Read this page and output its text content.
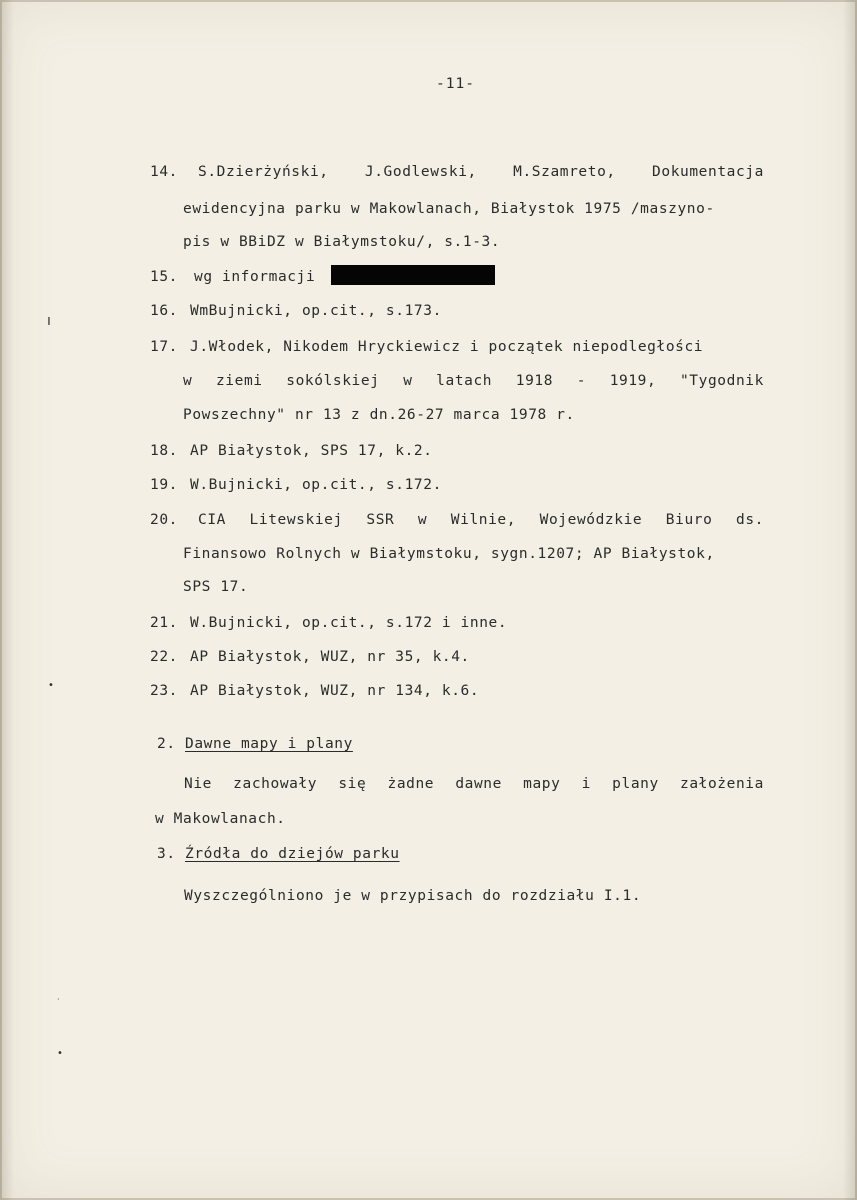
-11-
14. S.Dzierżyński,	J.Godlewski,	M.Szamreto,	Dokumentacja
ewidencyjna parku w Makowlanach, Białystok 1975 /maszyno-
pis w BBiDZ w Białymstoku/, s.1-3.
15. wg informacji
16. WmBujnicki, op.cit., s.173.
17. J.Włodek, Nikodem Hryckiewicz i początek niepodległości
w ziemi sokólskiej w latach 1918 - 1919, "Tygodnik
Powszechny" nr 13 z dn.26-27 marca 1978 r.
18. AP Białystok, SPS 17, k.2.
19. W.Bujnicki, op.cit., s.172.
20. CIA Litewskiej SSR w Wilnie, Wojewódzkie Biuro ds.
Finansowo Rolnych w Białymstoku, sygn.1207; AP Białystok,
SPS 17.
21. W.Bujnicki, op.cit., s.172 i inne.
22. AP Białystok, WUZ, nr 35, k.4.
23. AP Białystok, WUZ, nr 134, k.6.
2. Dawne mapy i plany
Nie zachowały się żadne dawne mapy i plany założenia
w Makowlanach.
3. Źródła do dziejów parku
Wyszczególniono je w przypisach do rozdziału I.1.
ı
•
·
•
